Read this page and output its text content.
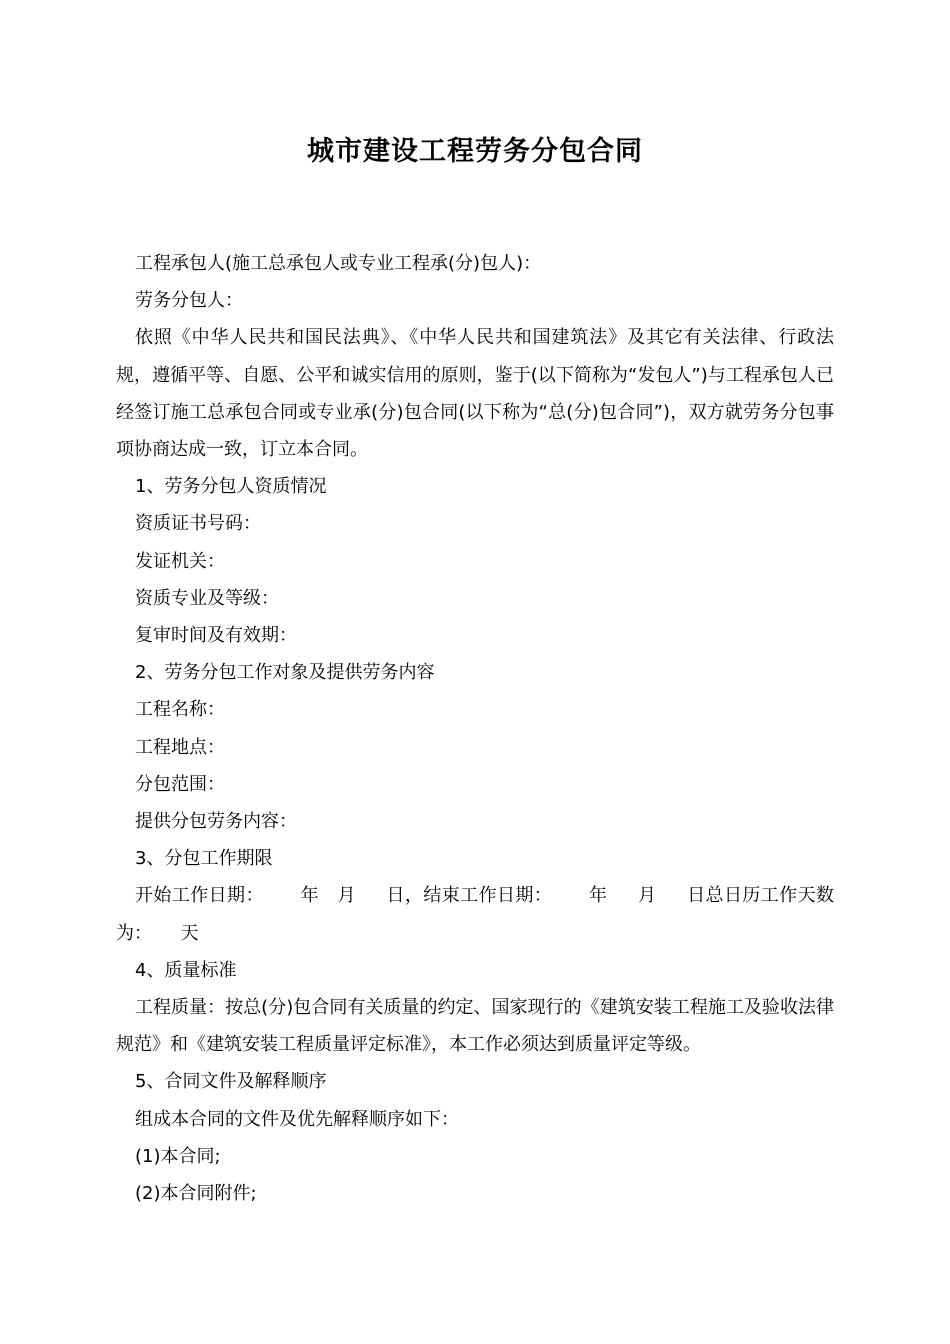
城市建设工程劳务分包合同

工程承包人(施工总承包人或专业工程承(分)包人)：

劳务分包人：

依照《中华人民共和国民法典》、《中华人民共和国建筑法》及其它有关法律、行政法规，遵循平等、自愿、公平和诚实信用的原则，鉴于(以下简称为“发包人”)与工程承包人已经签订施工总承包合同或专业承(分)包合同(以下称为“总(分)包合同”)，双方就劳务分包事项协商达成一致，订立本合同。

1、劳务分包人资质情况

资质证书号码：

发证机关：

资质专业及等级：

复审时间及有效期：

2、劳务分包工作对象及提供劳务内容

工程名称：

工程地点：

分包范围：

提供分包劳务内容：

3、分包工作期限

开始工作日期：      年   月     日，结束工作日期：      年     月     日总日历工作天数为：     天

4、质量标准

工程质量：按总(分)包合同有关质量的约定、国家现行的《建筑安装工程施工及验收法律规范》和《建筑安装工程质量评定标准》，本工作必须达到质量评定等级。

5、合同文件及解释顺序

组成本合同的文件及优先解释顺序如下：

(1)本合同;

(2)本合同附件;
